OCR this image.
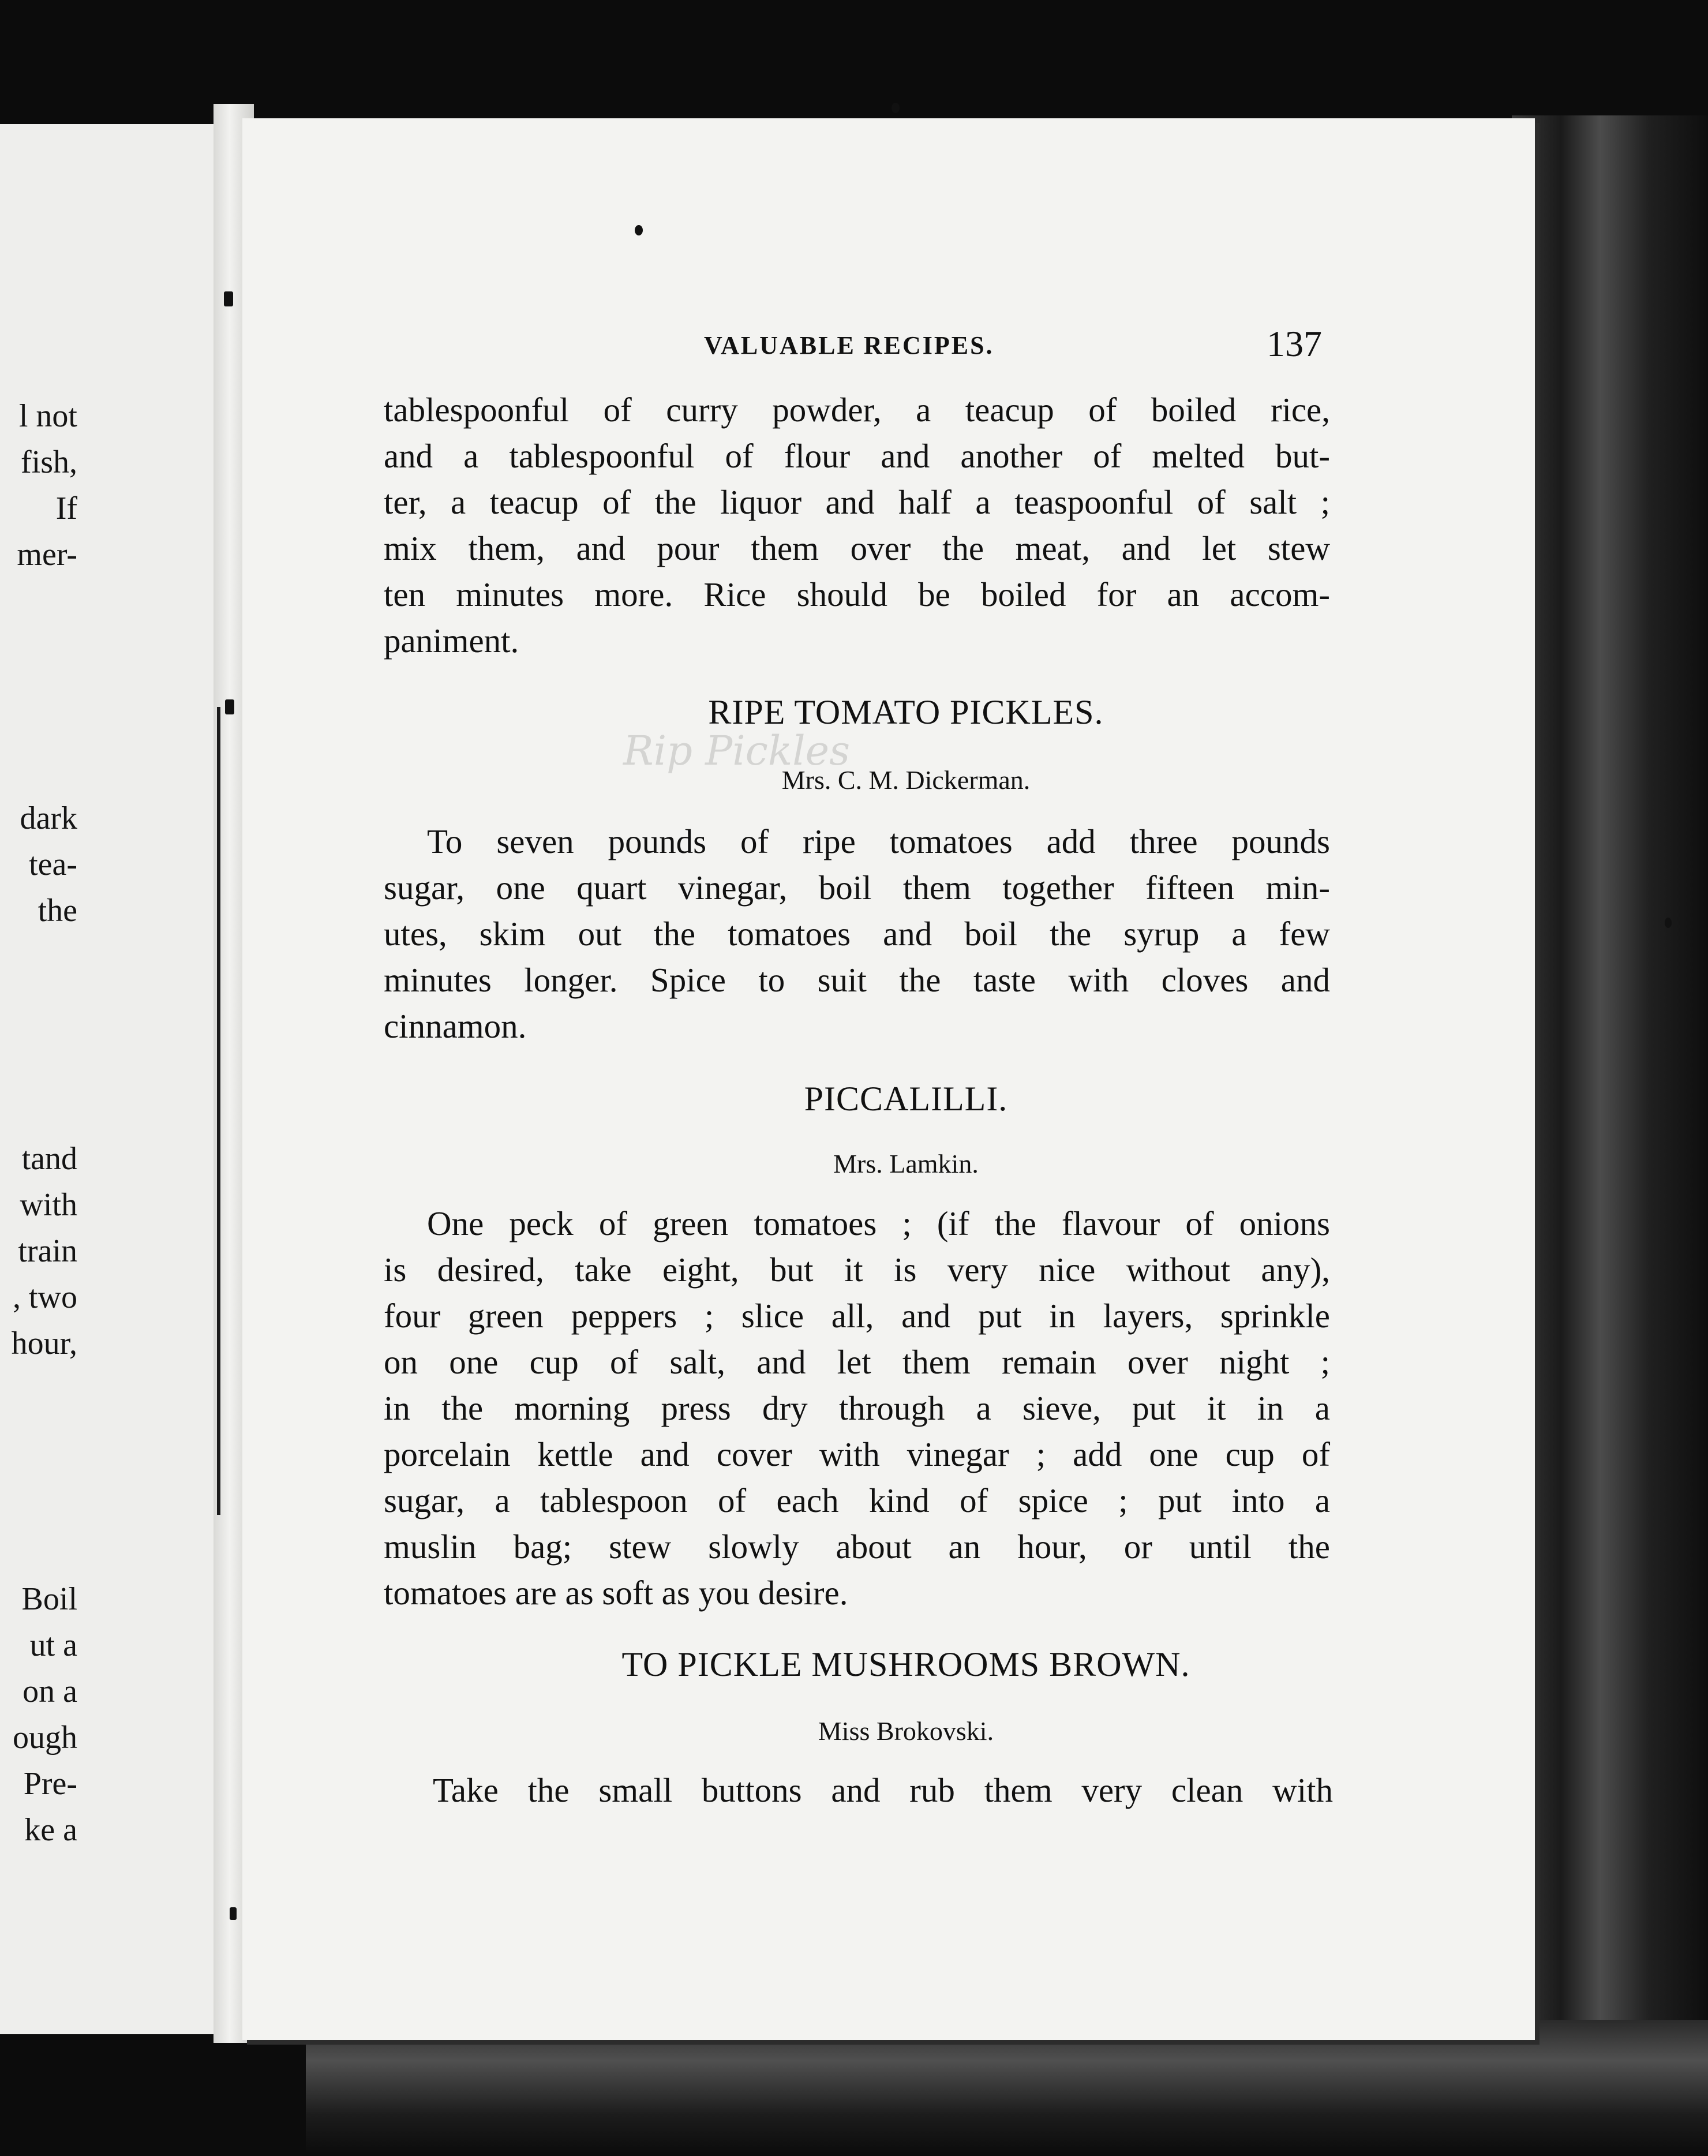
l not
fish,
If
mer-
dark
tea-
the
tand
with
train
, two
hour,
Boil
ut a
on a
ough
Pre-
ke a
VALUABLE RECIPES.	137
tablespoonful of curry powder, a teacup of boiled rice,
and a tablespoonful of flour and another of melted but-
ter, a teacup of the liquor and half a teaspoonful of salt ;
mix them, and pour them over the meat, and let stew
ten minutes more. Rice should be boiled for an accom-
paniment.
RIPE TOMATO PICKLES.
Rip Pickles
Mrs. C. M. Dickerman.
To seven pounds of ripe tomatoes add three pounds
sugar, one quart vinegar, boil them together fifteen min-
utes, skim out the tomatoes and boil the syrup a few
minutes longer. Spice to suit the taste with cloves and
cinnamon.
PICCALILLI.
Mrs. Lamkin.
One peck of green tomatoes ; (if the flavour of onions
is desired, take eight, but it is very nice without any),
four green peppers ; slice all, and put in layers, sprinkle
on one cup of salt, and let them remain over night ;
in the morning press dry through a sieve, put it in a
porcelain kettle and cover with vinegar ; add one cup of
sugar, a tablespoon of each kind of spice ; put into a
muslin bag; stew slowly about an hour, or until the
tomatoes are as soft as you desire.
TO PICKLE MUSHROOMS BROWN.
Miss Brokovski.
Take the small buttons and rub them very clean with
